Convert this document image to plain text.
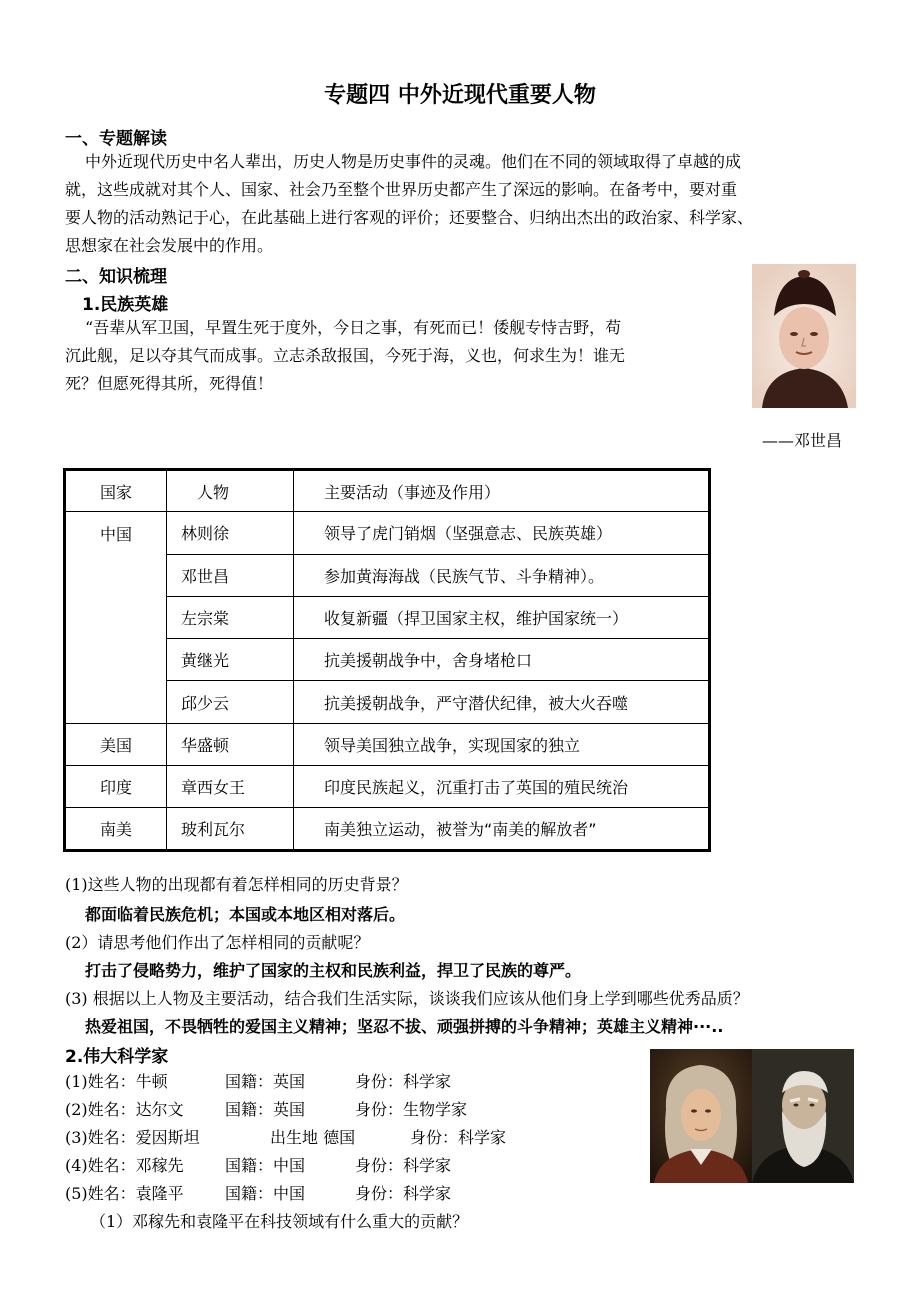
专题四 中外近现代重要人物
一、专题解读
中外近现代历史中名人辈出，历史人物是历史事件的灵魂。他们在不同的领域取得了卓越的成
就，这些成就对其个人、国家、社会乃至整个世界历史都产生了深远的影响。在备考中，要对重
要人物的活动熟记于心，在此基础上进行客观的评价；还要整合、归纳出杰出的政治家、科学家、
思想家在社会发展中的作用。
二、知识梳理
1.民族英雄
“吾辈从军卫国，早置生死于度外，今日之事，有死而已！倭舰专恃吉野，苟
沉此舰，足以夺其气而成事。立志杀敌报国，今死于海，义也，何求生为！谁无
死？但愿死得其所，死得值！
——邓世昌
国家	人物	主要活动（事迹及作用）
中国	林则徐	领导了虎门销烟（坚强意志、民族英雄）
	邓世昌	参加黄海海战（民族气节、斗争精神）。
	左宗棠	收复新疆（捍卫国家主权，维护国家统一）
	黄继光	抗美援朝战争中，舍身堵枪口
	邱少云	抗美援朝战争，严守潜伏纪律，被大火吞噬
美国	华盛顿	领导美国独立战争，实现国家的独立
印度	章西女王	印度民族起义，沉重打击了英国的殖民统治
南美	玻利瓦尔	南美独立运动，被誉为“南美的解放者”
(1)这些人物的出现都有着怎样相同的历史背景？
都面临着民族危机；本国或本地区相对落后。
(2）请思考他们作出了怎样相同的贡献呢？
打击了侵略势力，维护了国家的主权和民族利益，捍卫了民族的尊严。
(3) 根据以上人物及主要活动，结合我们生活实际，谈谈我们应该从他们身上学到哪些优秀品质？
热爱祖国，不畏牺牲的爱国主义精神；坚忍不拔、顽强拼搏的斗争精神；英雄主义精神···..
2.伟大科学家
(1)姓名：牛顿	国籍：英国	身份：科学家
(2)姓名：达尔文	国籍：英国	身份：生物学家
(3)姓名：爱因斯坦	出生地 德国	身份：科学家
(4)姓名：邓稼先	国籍：中国	身份：科学家
(5)姓名：袁隆平	国籍：中国	身份：科学家
（1）邓稼先和袁隆平在科技领域有什么重大的贡献？
